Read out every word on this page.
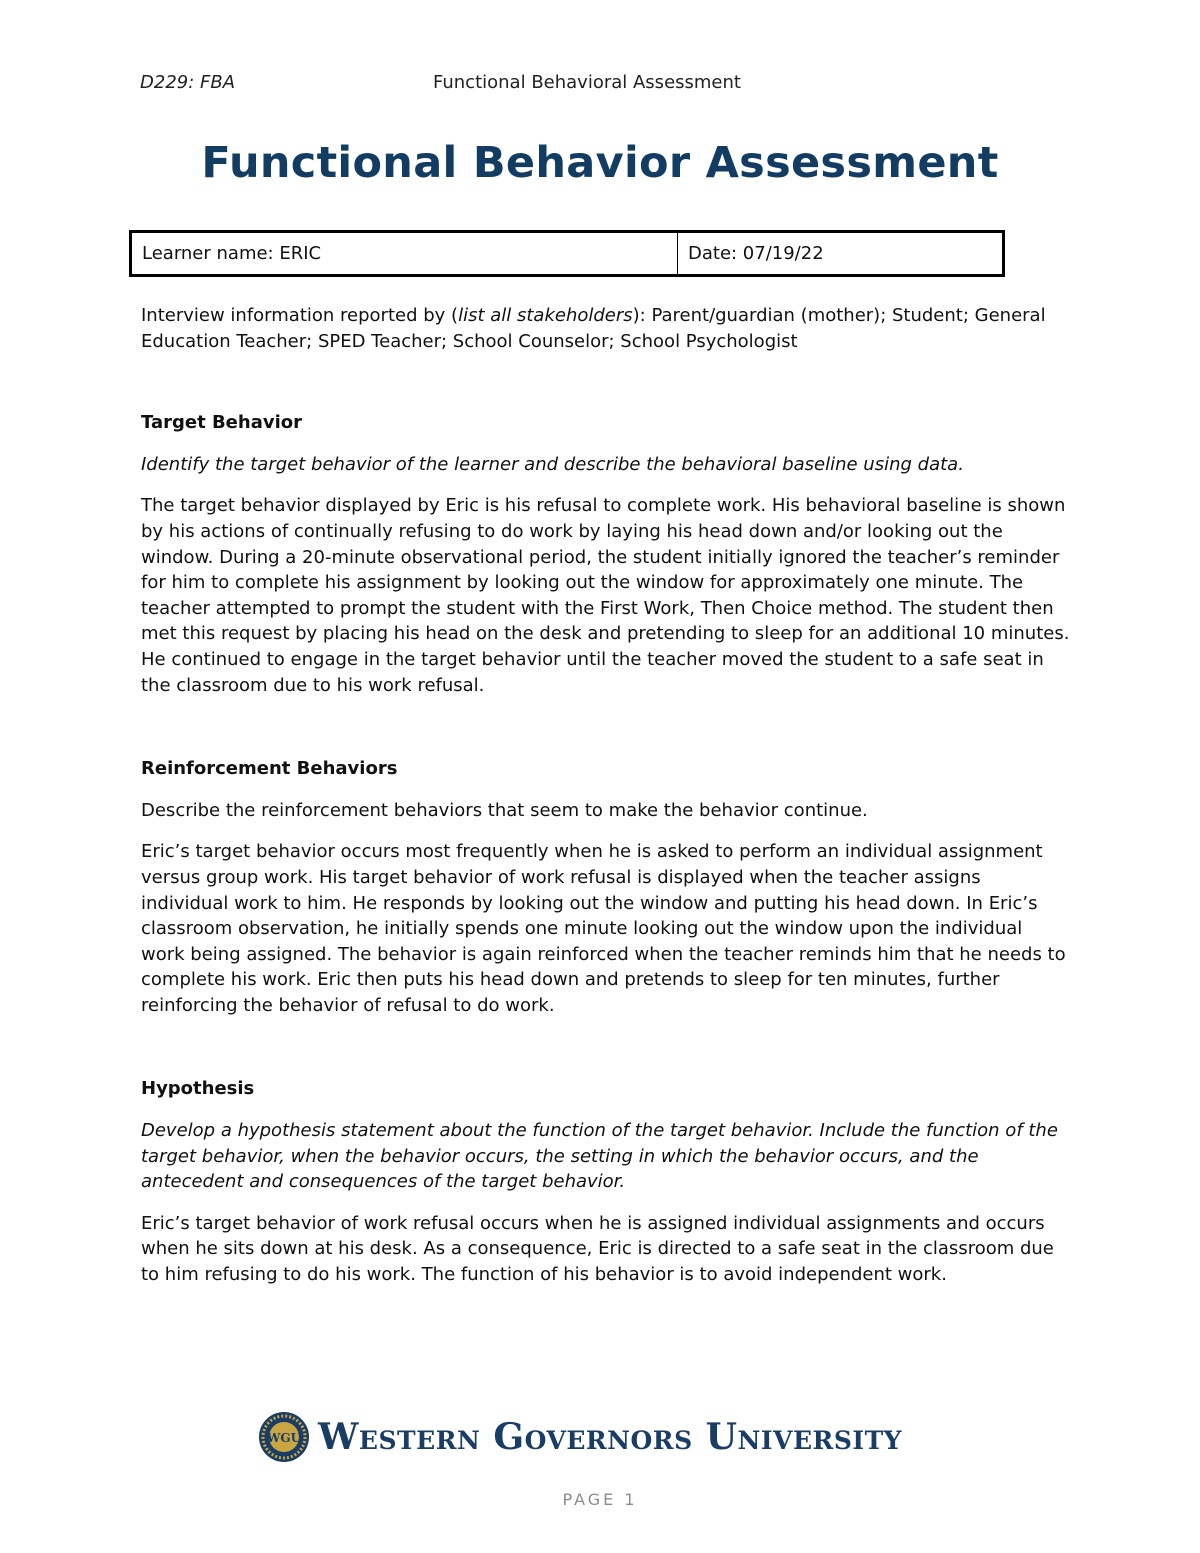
D229: FBA	Functional Behavioral Assessment
Functional Behavior Assessment
Learner name: ERIC	Date: 07/19/22

Interview information reported by (list all stakeholders): Parent/guardian (mother); Student; General Education Teacher; SPED Teacher; School Counselor; School Psychologist

Target Behavior

Identify the target behavior of the learner and describe the behavioral baseline using data.

The target behavior displayed by Eric is his refusal to complete work. His behavioral baseline is shown by his actions of continually refusing to do work by laying his head down and/or looking out the window. During a 20-minute observational period, the student initially ignored the teacher’s reminder for him to complete his assignment by looking out the window for approximately one minute. The teacher attempted to prompt the student with the First Work, Then Choice method. The student then met this request by placing his head on the desk and pretending to sleep for an additional 10 minutes. He continued to engage in the target behavior until the teacher moved the student to a safe seat in the classroom due to his work refusal.

Reinforcement Behaviors

Describe the reinforcement behaviors that seem to make the behavior continue.

Eric’s target behavior occurs most frequently when he is asked to perform an individual assignment versus group work. His target behavior of work refusal is displayed when the teacher assigns individual work to him. He responds by looking out the window and putting his head down. In Eric’s classroom observation, he initially spends one minute looking out the window upon the individual work being assigned. The behavior is again reinforced when the teacher reminds him that he needs to complete his work. Eric then puts his head down and pretends to sleep for ten minutes, further reinforcing the behavior of refusal to do work.

Hypothesis

Develop a hypothesis statement about the function of the target behavior. Include the function of the target behavior, when the behavior occurs, the setting in which the behavior occurs, and the antecedent and consequences of the target behavior.

Eric’s target behavior of work refusal occurs when he is assigned individual assignments and occurs when he sits down at his desk. As a consequence, Eric is directed to a safe seat in the classroom due to him refusing to do his work. The function of his behavior is to avoid independent work.

WGU Western Governors University
PAGE 1
